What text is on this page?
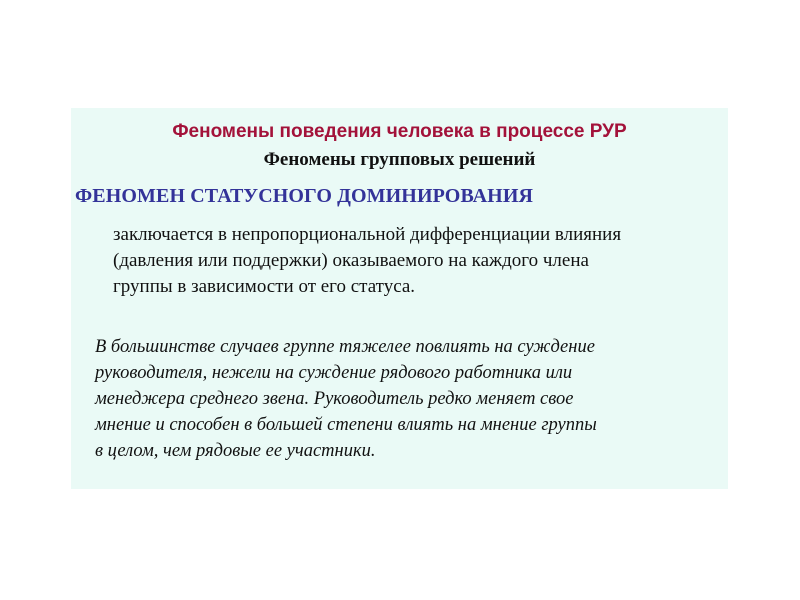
Феномены поведения человека в процессе РУР
Феномены групповых решений
ФЕНОМЕН СТАТУСНОГО ДОМИНИРОВАНИЯ

заключается в непропорциональной дифференциации влияния
(давления или поддержки) оказываемого на каждого члена
группы в зависимости от его статуса.

В большинстве случаев группе тяжелее повлиять на суждение
руководителя, нежели на суждение рядового работника или
менеджера среднего звена. Руководитель редко меняет свое
мнение и способен в большей степени влиять на мнение группы
в целом, чем рядовые ее участники.
